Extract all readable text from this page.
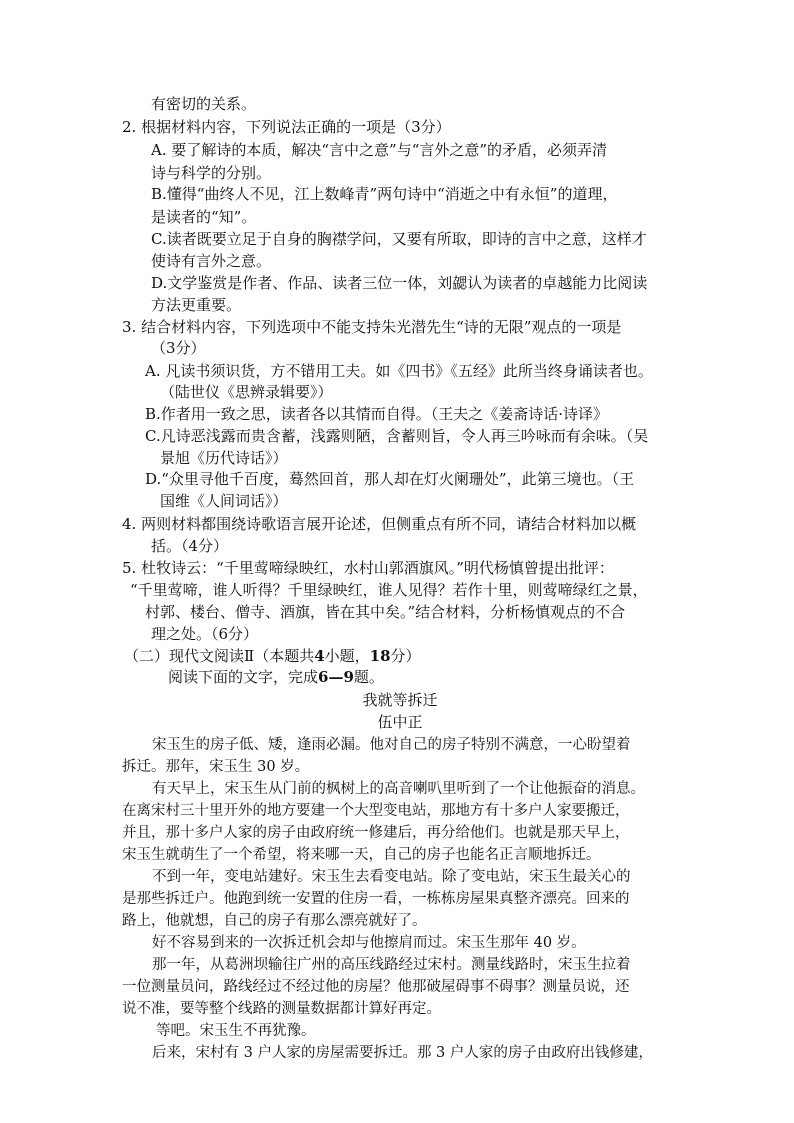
有密切的关系。
2. 根据材料内容，下列说法正确的一项是（3分）
A. 要了解诗的本质，解决“言中之意”与“言外之意”的矛盾，必须弄清
诗与科学的分别。
B.懂得“曲终人不见，江上数峰青”两句诗中“消逝之中有永恒”的道理，
是读者的“知”。
C.读者既要立足于自身的胸襟学问，又要有所取，即诗的言中之意，这样才
使诗有言外之意。
D.文学鉴赏是作者、作品、读者三位一体，刘勰认为读者的卓越能力比阅读
方法更重要。
3. 结合材料内容，下列选项中不能支持朱光潜先生“诗的无限”观点的一项是
（3分）
A. 凡读书须识货，方不错用工夫。如《四书》《五经》此所当终身诵读者也。
（陆世仪《思辨录辑要》）
B.作者用一致之思，读者各以其情而自得。（王夫之《姜斋诗话·诗译》
C.凡诗恶浅露而贵含蓄，浅露则陋，含蓄则旨，令人再三吟咏而有余味。（吴
景旭《历代诗话》）
D.“众里寻他千百度，蓦然回首，那人却在灯火阑珊处”，此第三境也。（王
国维《人间词话》）
4. 两则材料都围绕诗歌语言展开论述，但侧重点有所不同，请结合材料加以概
括。（4分）
5. 杜牧诗云：“千里莺啼绿映红，水村山郭酒旗风。”明代杨慎曾提出批评：
“千里莺啼，谁人听得？千里绿映红，谁人见得？若作十里，则莺啼绿红之景，
村郭、楼台、僧寺、酒旗，皆在其中矣。”结合材料，分析杨慎观点的不合
理之处。（6分）
（二）现代文阅读Ⅱ（本题共4小题，18分）
阅读下面的文字，完成6—9题。
我就等拆迁
伍中正
宋玉生的房子低、矮，逢雨必漏。他对自己的房子特别不满意，一心盼望着
拆迁。那年，宋玉生 30 岁。
有天早上，宋玉生从门前的枫树上的高音喇叭里听到了一个让他振奋的消息。
在离宋村三十里开外的地方要建一个大型变电站，那地方有十多户人家要搬迁，
并且，那十多户人家的房子由政府统一修建后，再分给他们。也就是那天早上，
宋玉生就萌生了一个希望，将来哪一天，自己的房子也能名正言顺地拆迁。
不到一年，变电站建好。宋玉生去看变电站。除了变电站，宋玉生最关心的
是那些拆迁户。他跑到统一安置的住房一看，一栋栋房屋果真整齐漂亮。回来的
路上，他就想，自己的房子有那么漂亮就好了。
好不容易到来的一次拆迁机会却与他擦肩而过。宋玉生那年 40 岁。
那一年，从葛洲坝输往广州的高压线路经过宋村。测量线路时，宋玉生拉着
一位测量员问，路线经过不经过他的房屋？他那破屋碍事不碍事？测量员说，还
说不准，要等整个线路的测量数据都计算好再定。
等吧。宋玉生不再犹豫。
后来，宋村有 3 户人家的房屋需要拆迁。那 3 户人家的房子由政府出钱修建，
